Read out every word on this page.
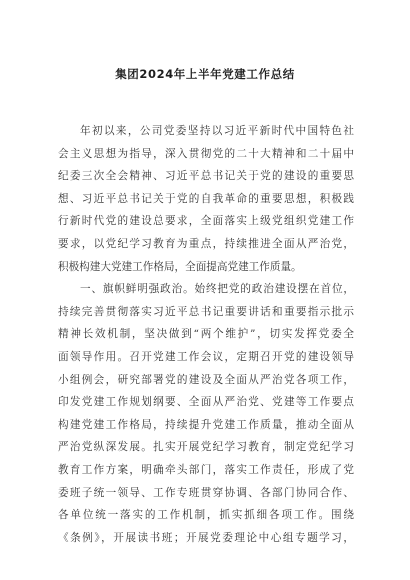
集团2024年上半年党建工作总结

年初以来，公司党委坚持以习近平新时代中国特色社
会主义思想为指导，深入贯彻党的二十大精神和二十届中
纪委三次全会精神、习近平总书记关于党的建设的重要思
想、习近平总书记关于党的自我革命的重要思想，积极践
行新时代党的建设总要求，全面落实上级党组织党建工作
要求，以党纪学习教育为重点，持续推进全面从严治党，
积极构建大党建工作格局，全面提高党建工作质量。

一、旗帜鲜明强政治。始终把党的政治建设摆在首位，
持续完善贯彻落实习近平总书记重要讲话和重要指示批示
精神长效机制，坚决做到“两个维护”，切实发挥党委全
面领导作用。召开党建工作会议，定期召开党的建设领导
小组例会，研究部署党的建设及全面从严治党各项工作，
印发党建工作规划纲要、全面从严治党、党建等工作要点
构建党建工作格局，持续提升党建工作质量，推动全面从
严治党纵深发展。扎实开展党纪学习教育，制定党纪学习
教育工作方案，明确牵头部门，落实工作责任，形成了党
委班子统一领导、工作专班贯穿协调、各部门协同合作、
各单位统一落实的工作机制，抓实抓细各项工作。围绕
《条例》，开展读书班；开展党委理论中心组专题学习，
